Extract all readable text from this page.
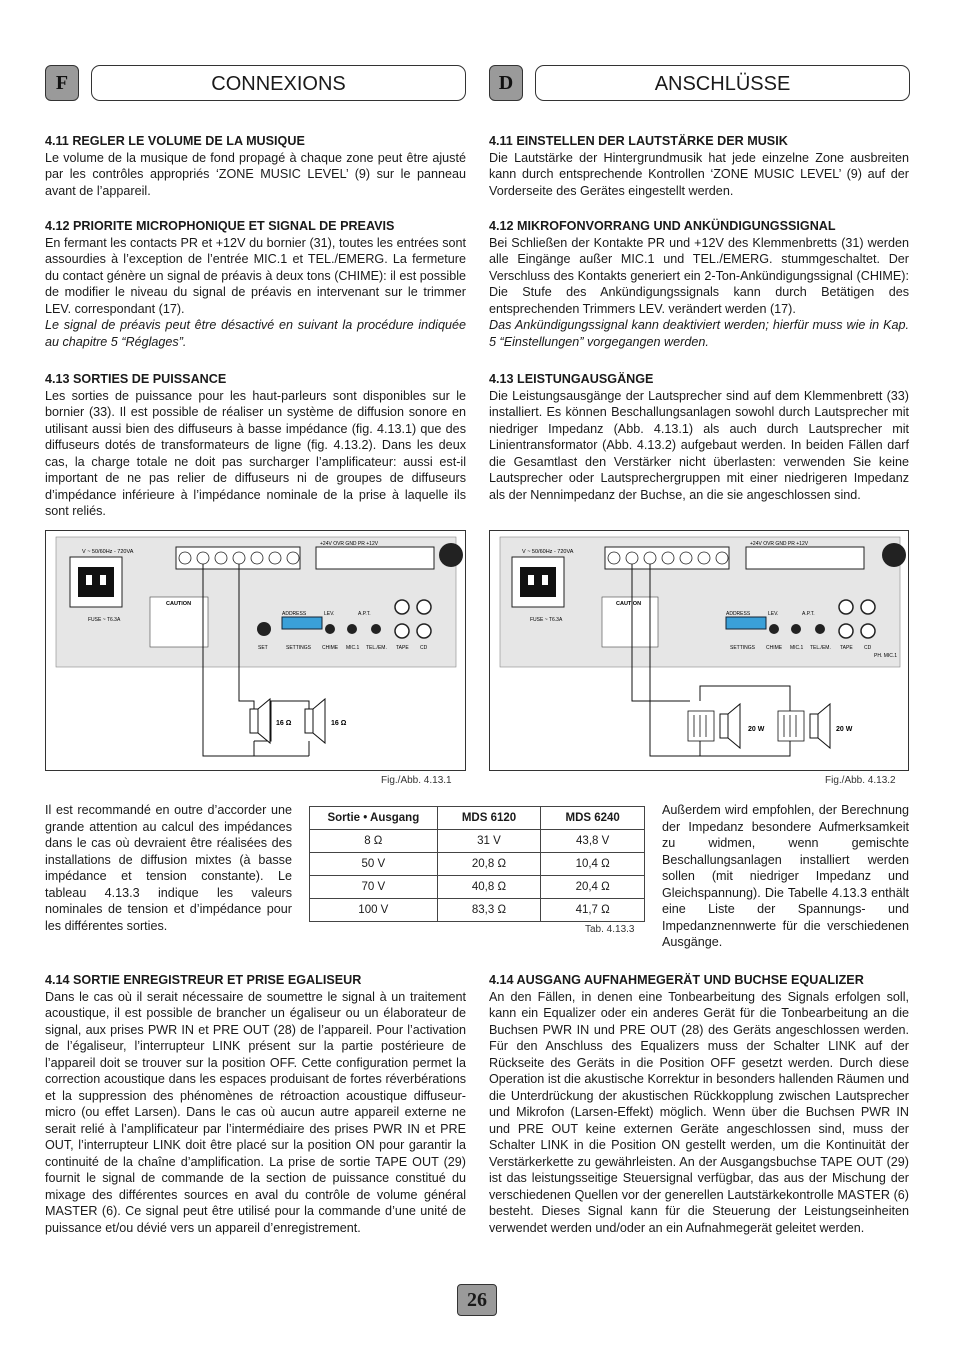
F	CONNEXIONS	D	ANSCHLÜSSE
4.11 REGLER LE VOLUME DE LA MUSIQUE

Le volume de la musique de fond propagé à chaque zone peut être ajusté par les contrôles appropriés ‘ZONE MUSIC LEVEL’ (9) sur le panneau avant de l’appareil.

4.12 PRIORITE MICROPHONIQUE ET SIGNAL DE PREAVIS

En fermant les contacts PR et +12V du bornier (31), toutes les entrées sont assourdies à l’exception de l’entrée MIC.1 et TEL./EMERG. La fermeture du contact génère un signal de préavis à deux tons (CHIME): il est possible de modifier le niveau du signal de préavis en intervenant sur le trimmer LEV. correspondant (17).

Le signal de préavis peut être désactivé en suivant la procédure indiquée au chapitre 5 “Réglages”.

4.13 SORTIES DE PUISSANCE

Les sorties de puissance pour les haut-parleurs sont disponibles sur le bornier (33). Il est possible de réaliser un système de diffusion sonore en utilisant aussi bien des diffuseurs à basse impédance (fig. 4.13.1) que des diffuseurs dotés de transformateurs de ligne (fig. 4.13.2). Dans les deux cas, la charge totale ne doit pas surcharger l’amplificateur: aussi est-il important de ne pas relier de diffuseurs ni de groupes de diffuseurs d’impédance inférieure à l’impédance nominale de la prise à laquelle ils sont reliés.

4.11 EINSTELLEN DER LAUTSTÄRKE DER MUSIK

Die Lautstärke der Hintergrundmusik hat jede einzelne Zone ausbreiten kann durch entsprechende Kontrollen ‘ZONE MUSIC LEVEL’ (9) auf der Vorderseite des Gerätes eingestellt werden.

4.12 MIKROFONVORRANG UND ANKÜNDIGUNGSSIGNAL

Bei Schließen der Kontakte PR und +12V des Klemmenbretts (31) werden alle Eingänge außer MIC.1 und TEL./EMERG. stummgeschaltet. Der Verschluss des Kontakts generiert ein 2-Ton-Ankündigungssignal (CHIME): Die Stufe des Ankündigungssignals kann durch Betätigen des entsprechenden Trimmers LEV. verändert werden (17).

Das Ankündigungssignal kann deaktiviert werden; hierfür muss wie in Kap. 5 “Einstellungen” vorgegangen werden.

4.13 LEISTUNGAUSGÄNGE

Die Leistungsausgänge der Lautsprecher sind auf dem Klemmenbrett (33) installiert. Es können Beschallungsanlagen sowohl durch Lautsprecher mit niedriger Impedanz (Abb. 4.13.1) als auch durch Lautsprecher mit Linientransformator (Abb. 4.13.2) aufgebaut werden. In beiden Fällen darf die Gesamtlast den Verstärker nicht überlasten: verwenden Sie keine Lautsprecher oder Lautsprechergruppen mit einer niedrigeren Impedanz als der Nennimpedanz der Buchse, an die sie angeschlossen sind.

V ~ 50/60Hz - 720VA
FUSE ~ T6.3A
+24V OVR GND PR +12V
CAUTION
ADDRESS	LEV.	A.P.T.
SET	SETTINGS CHIME MIC.1 TEL./EM. TAPE CD
16 Ω	16 Ω
Fig./Abb. 4.13.1
V ~ 50/60Hz - 720VA
FUSE ~ T6.3A
+24V OVR GND PR +12V
CAUTION
ADDRESS	LEV.	A.P.T.
SETTINGS CHIME MIC.1 TEL./EM. TAPE CD
PH. MIC.1
20 W	20 W
Fig./Abb. 4.13.2
Il est recommandé en outre d’accorder une grande attention au calcul des impédances dans le cas où devraient être réalisées des installations de diffusion mixtes (à basse impédance et tension constante). Le tableau 4.13.3 indique les valeurs nominales de tension et d’impédance pour les différentes sorties.
Sortie • Ausgang	MDS 6120	MDS 6240
8 Ω	31 V	43,8 V
50 V	20,8 Ω	10,4 Ω
70 V	40,8 Ω	20,4 Ω
100 V	83,3 Ω	41,7 Ω
Tab. 4.13.3
Außerdem wird empfohlen, der Berechnung der Impedanz besondere Aufmerksamkeit zu widmen, wenn gemischte Beschallungsanlagen installiert werden sollen (mit niedriger Impedanz und Gleichspannung). Die Tabelle 4.13.3 enthält eine Liste der Spannungs- und Impedanznennwerte für die verschiedenen Ausgänge.
4.14 SORTIE ENREGISTREUR ET PRISE EGALISEUR

Dans le cas où il serait nécessaire de soumettre le signal à un traitement acoustique, il est possible de brancher un égaliseur ou un élaborateur de signal, aux prises PWR IN et PRE OUT (28) de l’appareil. Pour l’activation de l’égaliseur, l’interrupteur LINK présent sur la partie postérieure de l’appareil doit se trouver sur la position OFF. Cette configuration permet la correction acoustique dans les espaces produisant de fortes réverbérations et la suppression des phénomènes de rétroaction acoustique diffuseur-micro (ou effet Larsen). Dans le cas où aucun autre appareil externe ne serait relié à l’amplificateur par l’intermédiaire des prises PWR IN et PRE OUT, l’interrupteur LINK doit être placé sur la position ON pour garantir la continuité de la chaîne d’amplification. La prise de sortie TAPE OUT (29) fournit le signal de commande de la section de puissance constitué du mixage des différentes sources en aval du contrôle de volume général MASTER (6). Ce signal peut être utilisé pour la commande d’une unité de puissance et/ou dévié vers un appareil d’enregistrement.

4.14 AUSGANG AUFNAHMEGERÄT UND BUCHSE EQUALIZER

An den Fällen, in denen eine Tonbearbeitung des Signals erfolgen soll, kann ein Equalizer oder ein anderes Gerät für die Tonbearbeitung an die Buchsen PWR IN und PRE OUT (28) des Geräts angeschlossen werden. Für den Anschluss des Equalizers muss der Schalter LINK auf der Rückseite des Geräts in die Position OFF gesetzt werden. Durch diese Operation ist die akustische Korrektur in besonders hallenden Räumen und die Unterdrückung der akustischen Rückkopplung zwischen Lautsprecher und Mikrofon (Larsen-Effekt) möglich. Wenn über die Buchsen PWR IN und PRE OUT keine externen Geräte angeschlossen sind, muss der Schalter LINK in die Position ON gestellt werden, um die Kontinuität der Verstärkerkette zu gewährleisten. An der Ausgangsbuchse TAPE OUT (29) ist das leistungsseitige Steuersignal verfügbar, das aus der Mischung der verschiedenen Quellen vor der generellen Lautstärkekontrolle MASTER (6) besteht. Dieses Signal kann für die Steuerung der Leistungseinheiten verwendet werden und/oder an ein Aufnahmegerät geleitet werden.

26
